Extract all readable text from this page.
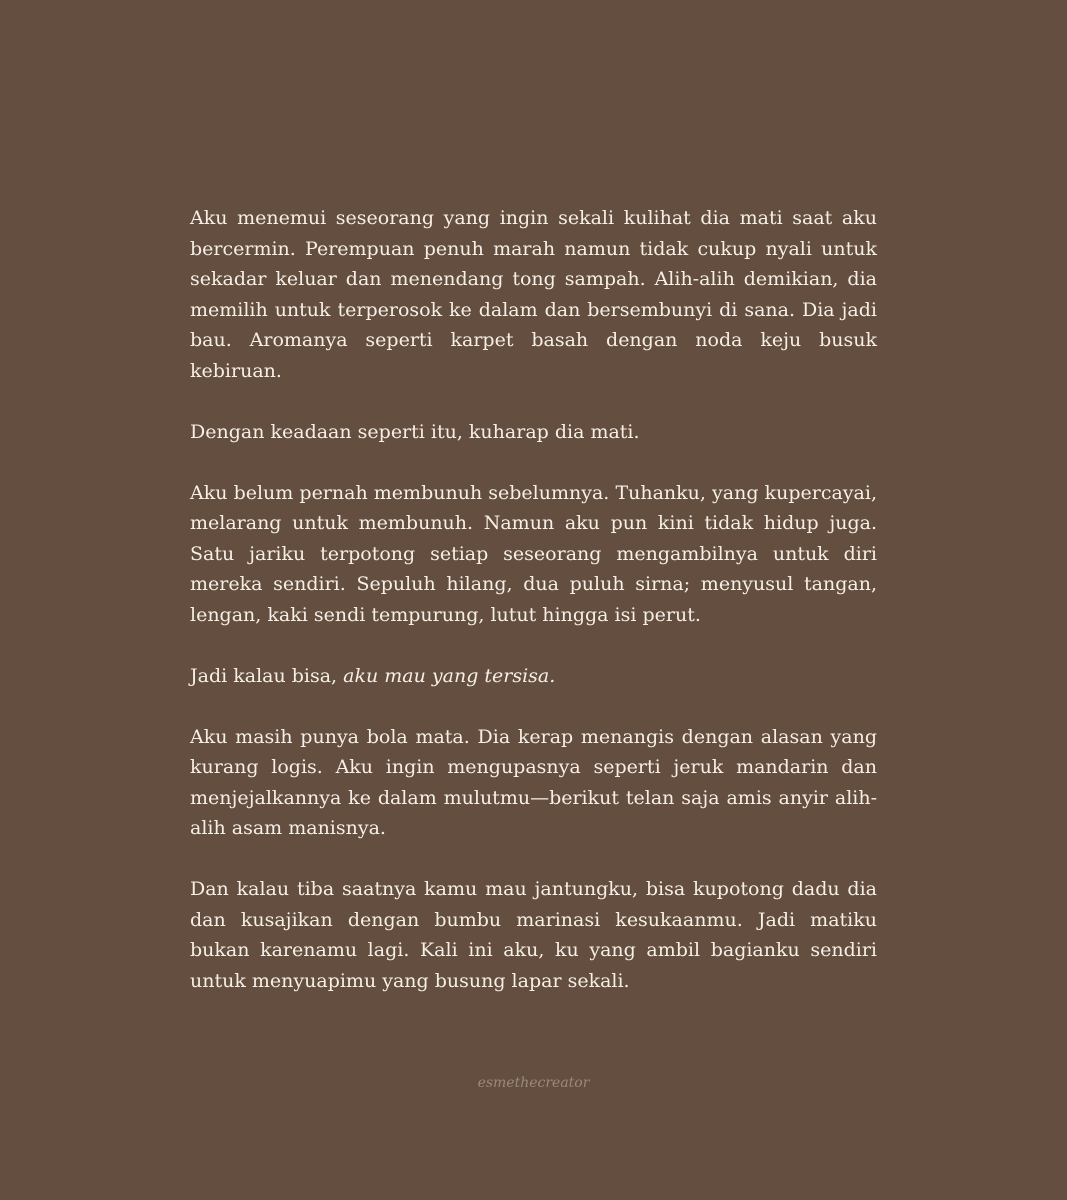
Aku menemui seseorang yang ingin sekali kulihat dia mati saat aku bercermin. Perempuan penuh marah namun tidak cukup nyali untuk sekadar keluar dan menendang tong sampah. Alih-alih demikian, dia memilih untuk terperosok ke dalam dan bersembunyi di sana. Dia jadi bau. Aromanya seperti karpet basah dengan noda keju busuk kebiruan.

Dengan keadaan seperti itu, kuharap dia mati.

Aku belum pernah membunuh sebelumnya. Tuhanku, yang kupercayai, melarang untuk membunuh. Namun aku pun kini tidak hidup juga. Satu jariku terpotong setiap seseorang mengambilnya untuk diri mereka sendiri. Sepuluh hilang, dua puluh sirna; menyusul tangan, lengan, kaki sendi tempurung, lutut hingga isi perut.

Jadi kalau bisa, aku mau yang tersisa.

Aku masih punya bola mata. Dia kerap menangis dengan alasan yang kurang logis. Aku ingin mengupasnya seperti jeruk mandarin dan menjejalkannya ke dalam mulutmu—berikut telan saja amis anyir alih-alih asam manisnya.

Dan kalau tiba saatnya kamu mau jantungku, bisa kupotong dadu dia dan kusajikan dengan bumbu marinasi kesukaanmu. Jadi matiku bukan karenamu lagi. Kali ini aku, ku yang ambil bagianku sendiri untuk menyuapimu yang busung lapar sekali.

esmethecreator
